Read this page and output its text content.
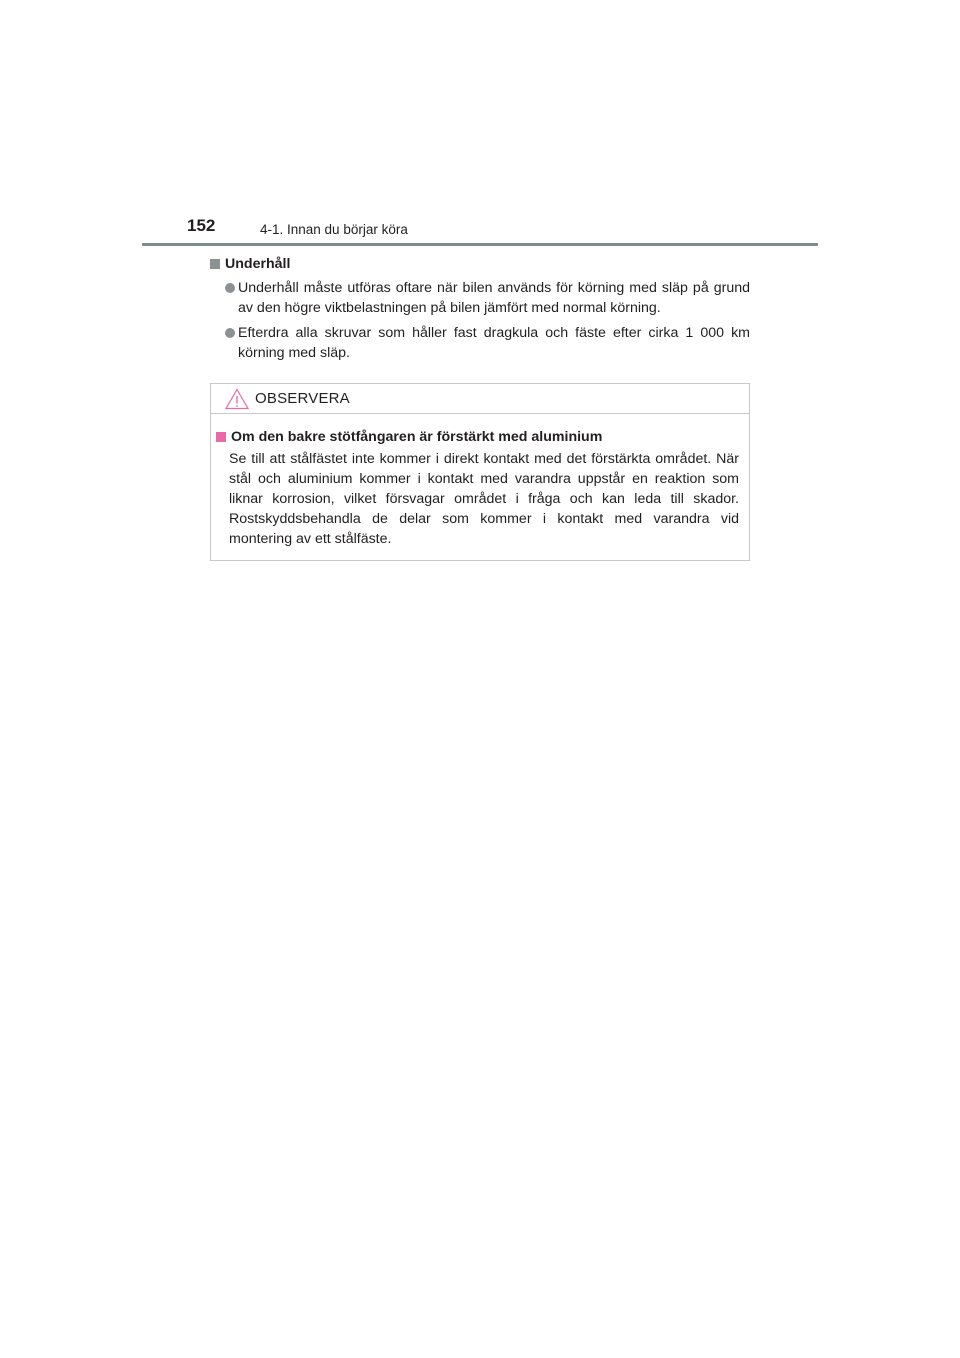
152	4-1. Innan du börjar köra
Underhåll
Underhåll måste utföras oftare när bilen används för körning med släp på grund av den högre viktbelastningen på bilen jämfört med normal körning.
Efterdra alla skruvar som håller fast dragkula och fäste efter cirka 1 000 km körning med släp.
OBSERVERA
Om den bakre stötfångaren är förstärkt med aluminium

Se till att stålfästet inte kommer i direkt kontakt med det förstärkta området. När stål och aluminium kommer i kontakt med varandra uppstår en reaktion som liknar korrosion, vilket försvagar området i fråga och kan leda till skador. Rostskyddsbehandla de delar som kommer i kontakt med varandra vid montering av ett stålfäste.
